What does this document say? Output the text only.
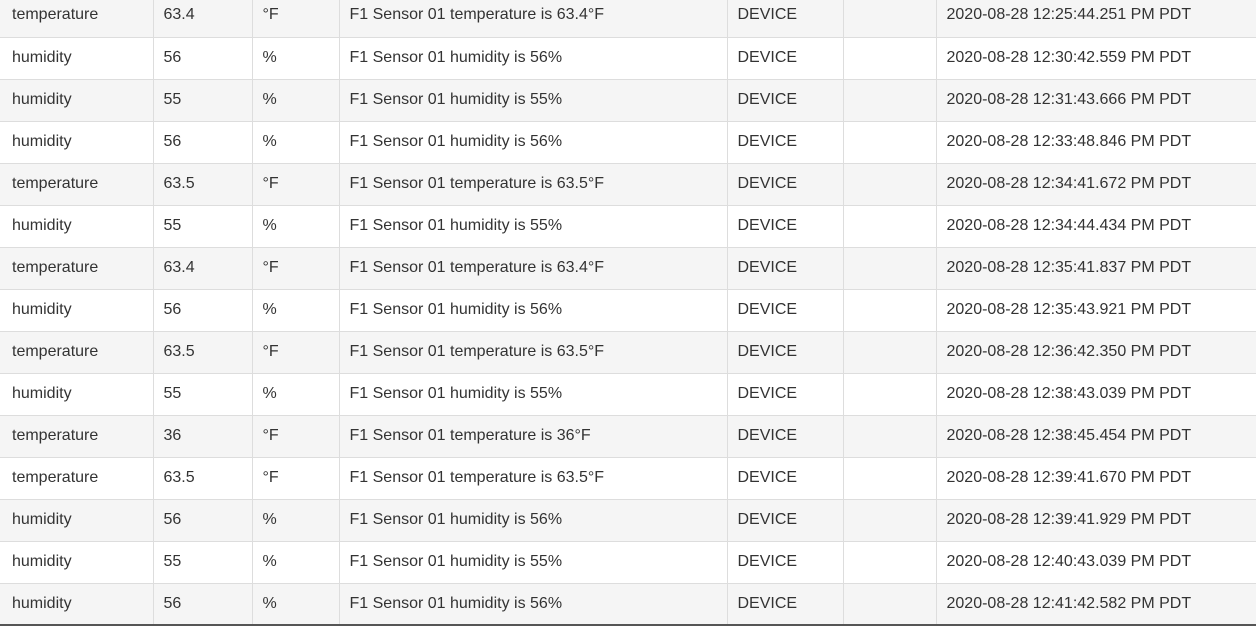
temperature	63.4	°F	F1 Sensor 01 temperature is 63.4°F	DEVICE		2020-08-28 12:25:44.251 PM PDT
humidity	56	%	F1 Sensor 01 humidity is 56%	DEVICE		2020-08-28 12:30:42.559 PM PDT
humidity	55	%	F1 Sensor 01 humidity is 55%	DEVICE		2020-08-28 12:31:43.666 PM PDT
humidity	56	%	F1 Sensor 01 humidity is 56%	DEVICE		2020-08-28 12:33:48.846 PM PDT
temperature	63.5	°F	F1 Sensor 01 temperature is 63.5°F	DEVICE		2020-08-28 12:34:41.672 PM PDT
humidity	55	%	F1 Sensor 01 humidity is 55%	DEVICE		2020-08-28 12:34:44.434 PM PDT
temperature	63.4	°F	F1 Sensor 01 temperature is 63.4°F	DEVICE		2020-08-28 12:35:41.837 PM PDT
humidity	56	%	F1 Sensor 01 humidity is 56%	DEVICE		2020-08-28 12:35:43.921 PM PDT
temperature	63.5	°F	F1 Sensor 01 temperature is 63.5°F	DEVICE		2020-08-28 12:36:42.350 PM PDT
humidity	55	%	F1 Sensor 01 humidity is 55%	DEVICE		2020-08-28 12:38:43.039 PM PDT
temperature	36	°F	F1 Sensor 01 temperature is 36°F	DEVICE		2020-08-28 12:38:45.454 PM PDT
temperature	63.5	°F	F1 Sensor 01 temperature is 63.5°F	DEVICE		2020-08-28 12:39:41.670 PM PDT
humidity	56	%	F1 Sensor 01 humidity is 56%	DEVICE		2020-08-28 12:39:41.929 PM PDT
humidity	55	%	F1 Sensor 01 humidity is 55%	DEVICE		2020-08-28 12:40:43.039 PM PDT
humidity	56	%	F1 Sensor 01 humidity is 56%	DEVICE		2020-08-28 12:41:42.582 PM PDT
